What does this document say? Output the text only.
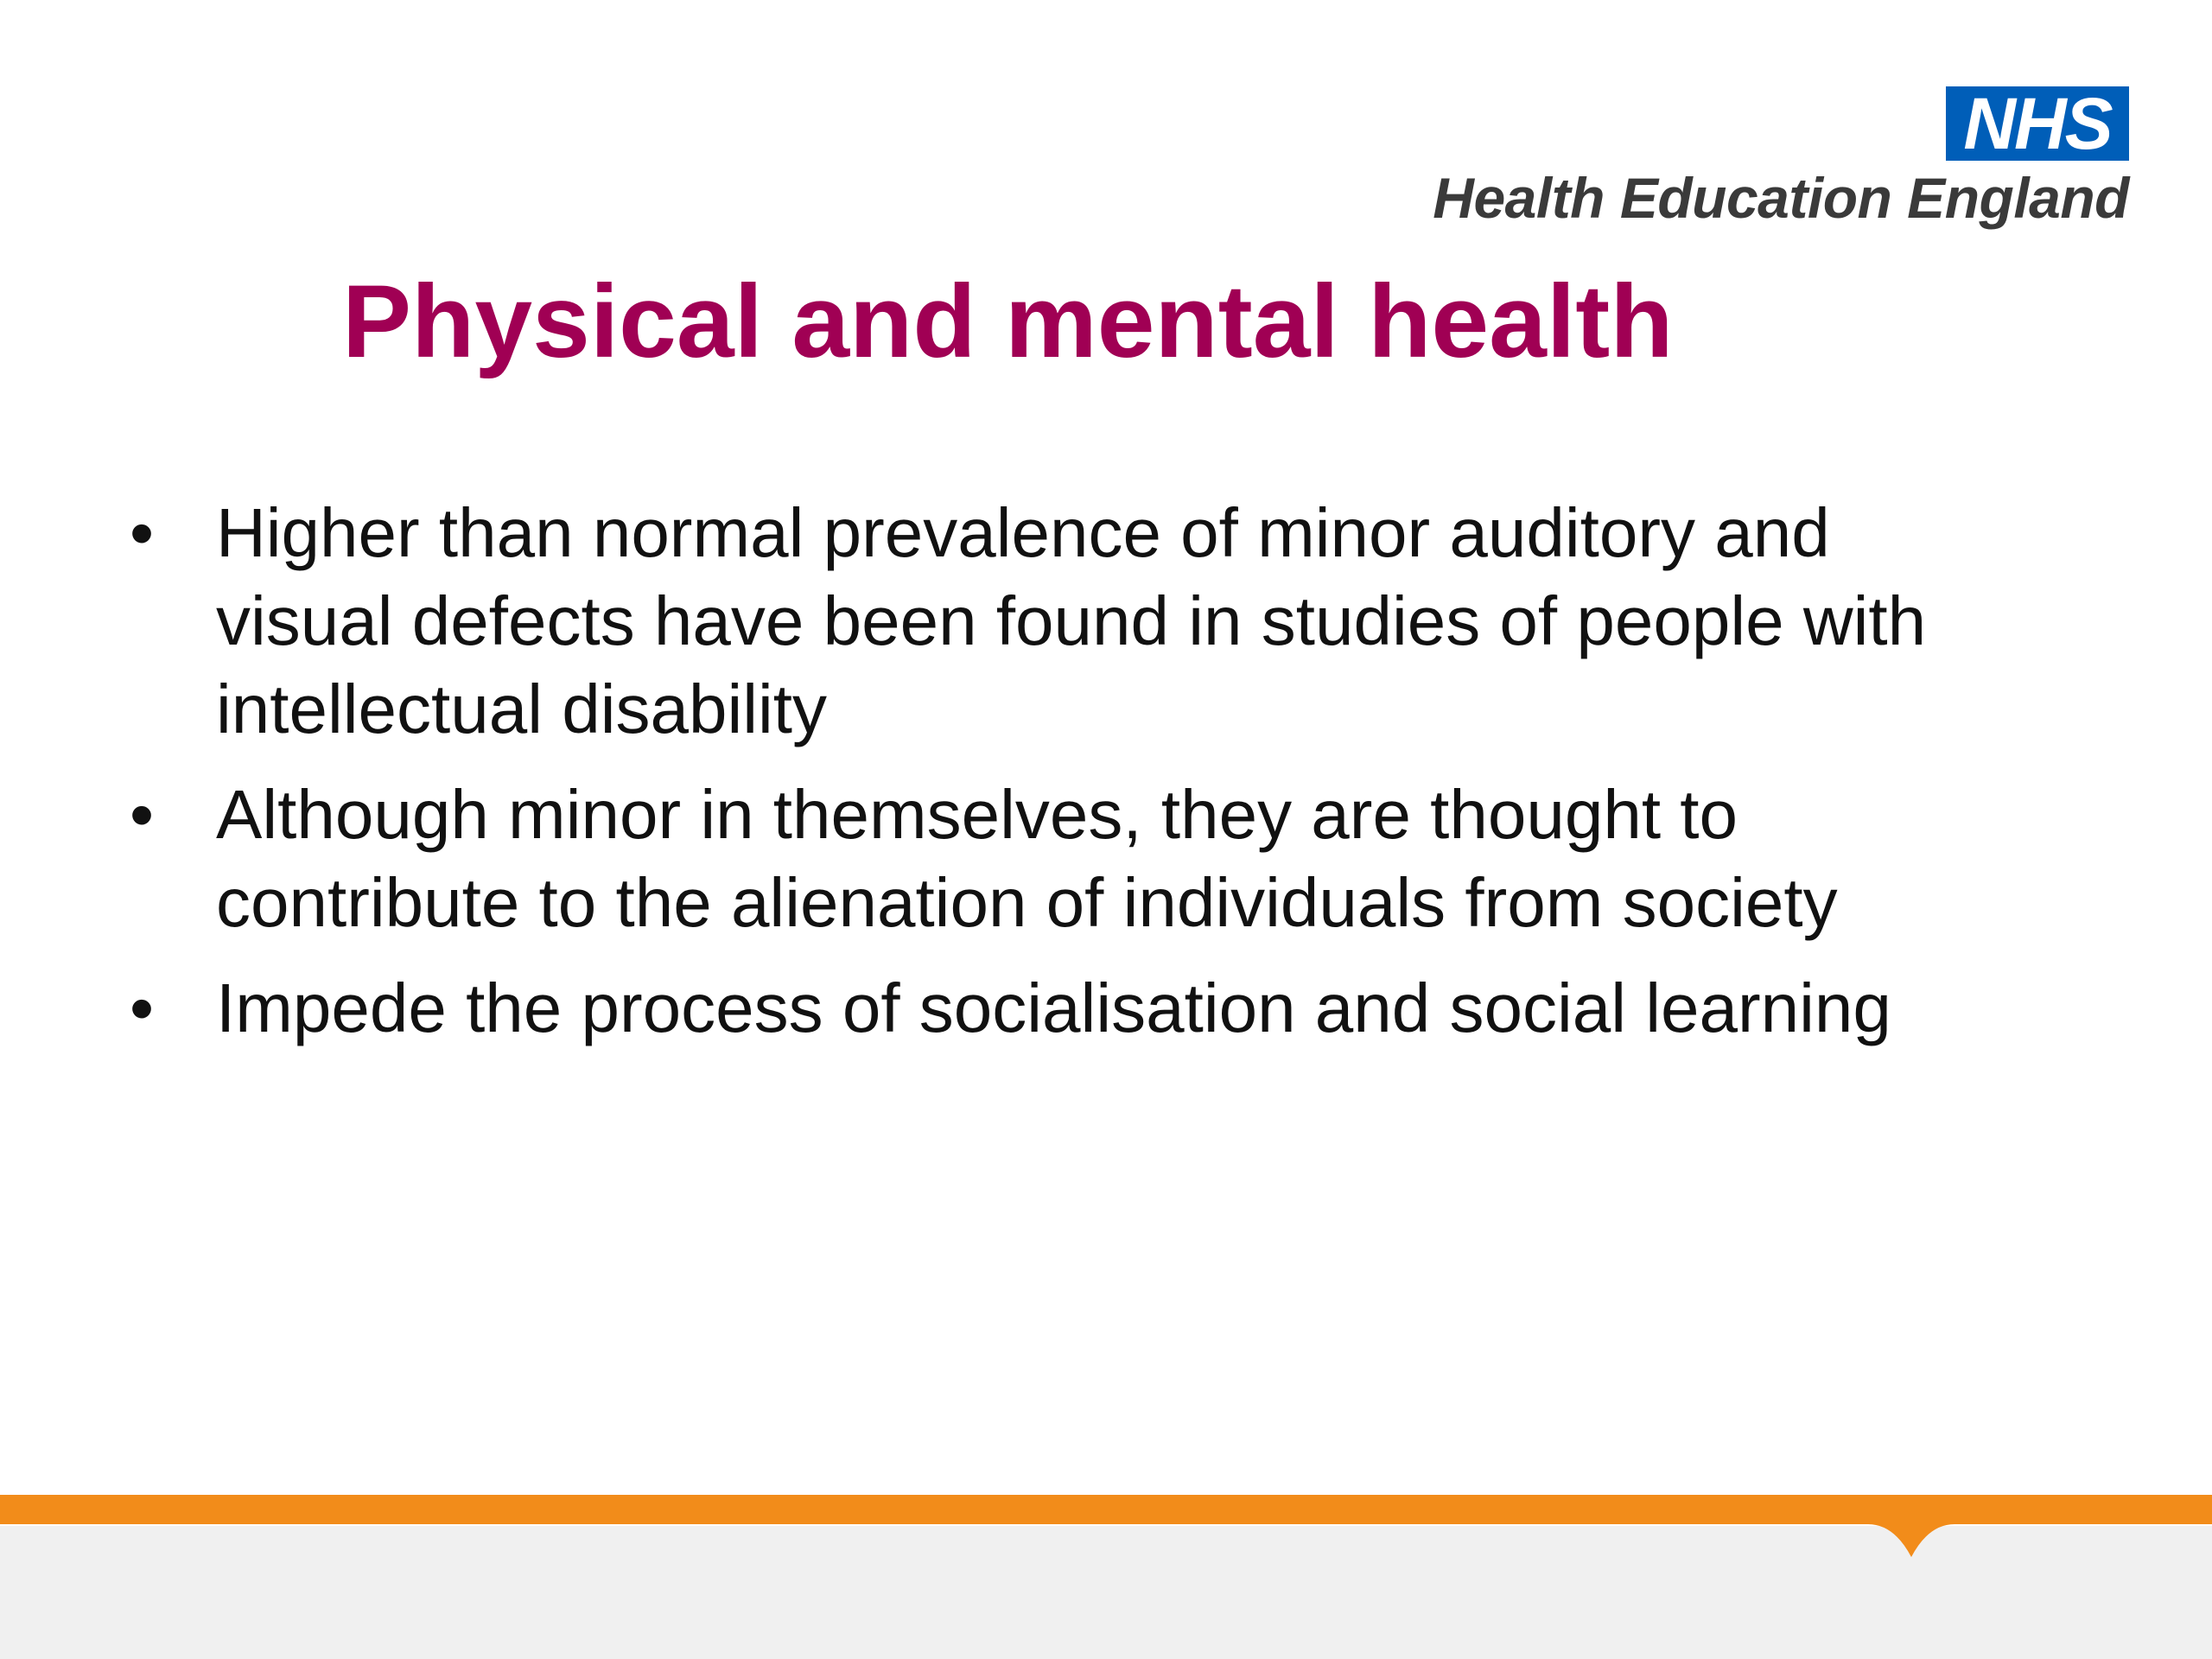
NHS
Health Education England
Physical and mental health
• Higher than normal prevalence of minor auditory and visual defects have been found in studies of people with intellectual disability
• Although minor in themselves, they are thought to contribute to the alienation of individuals from society
• Impede the process of socialisation and social learning
